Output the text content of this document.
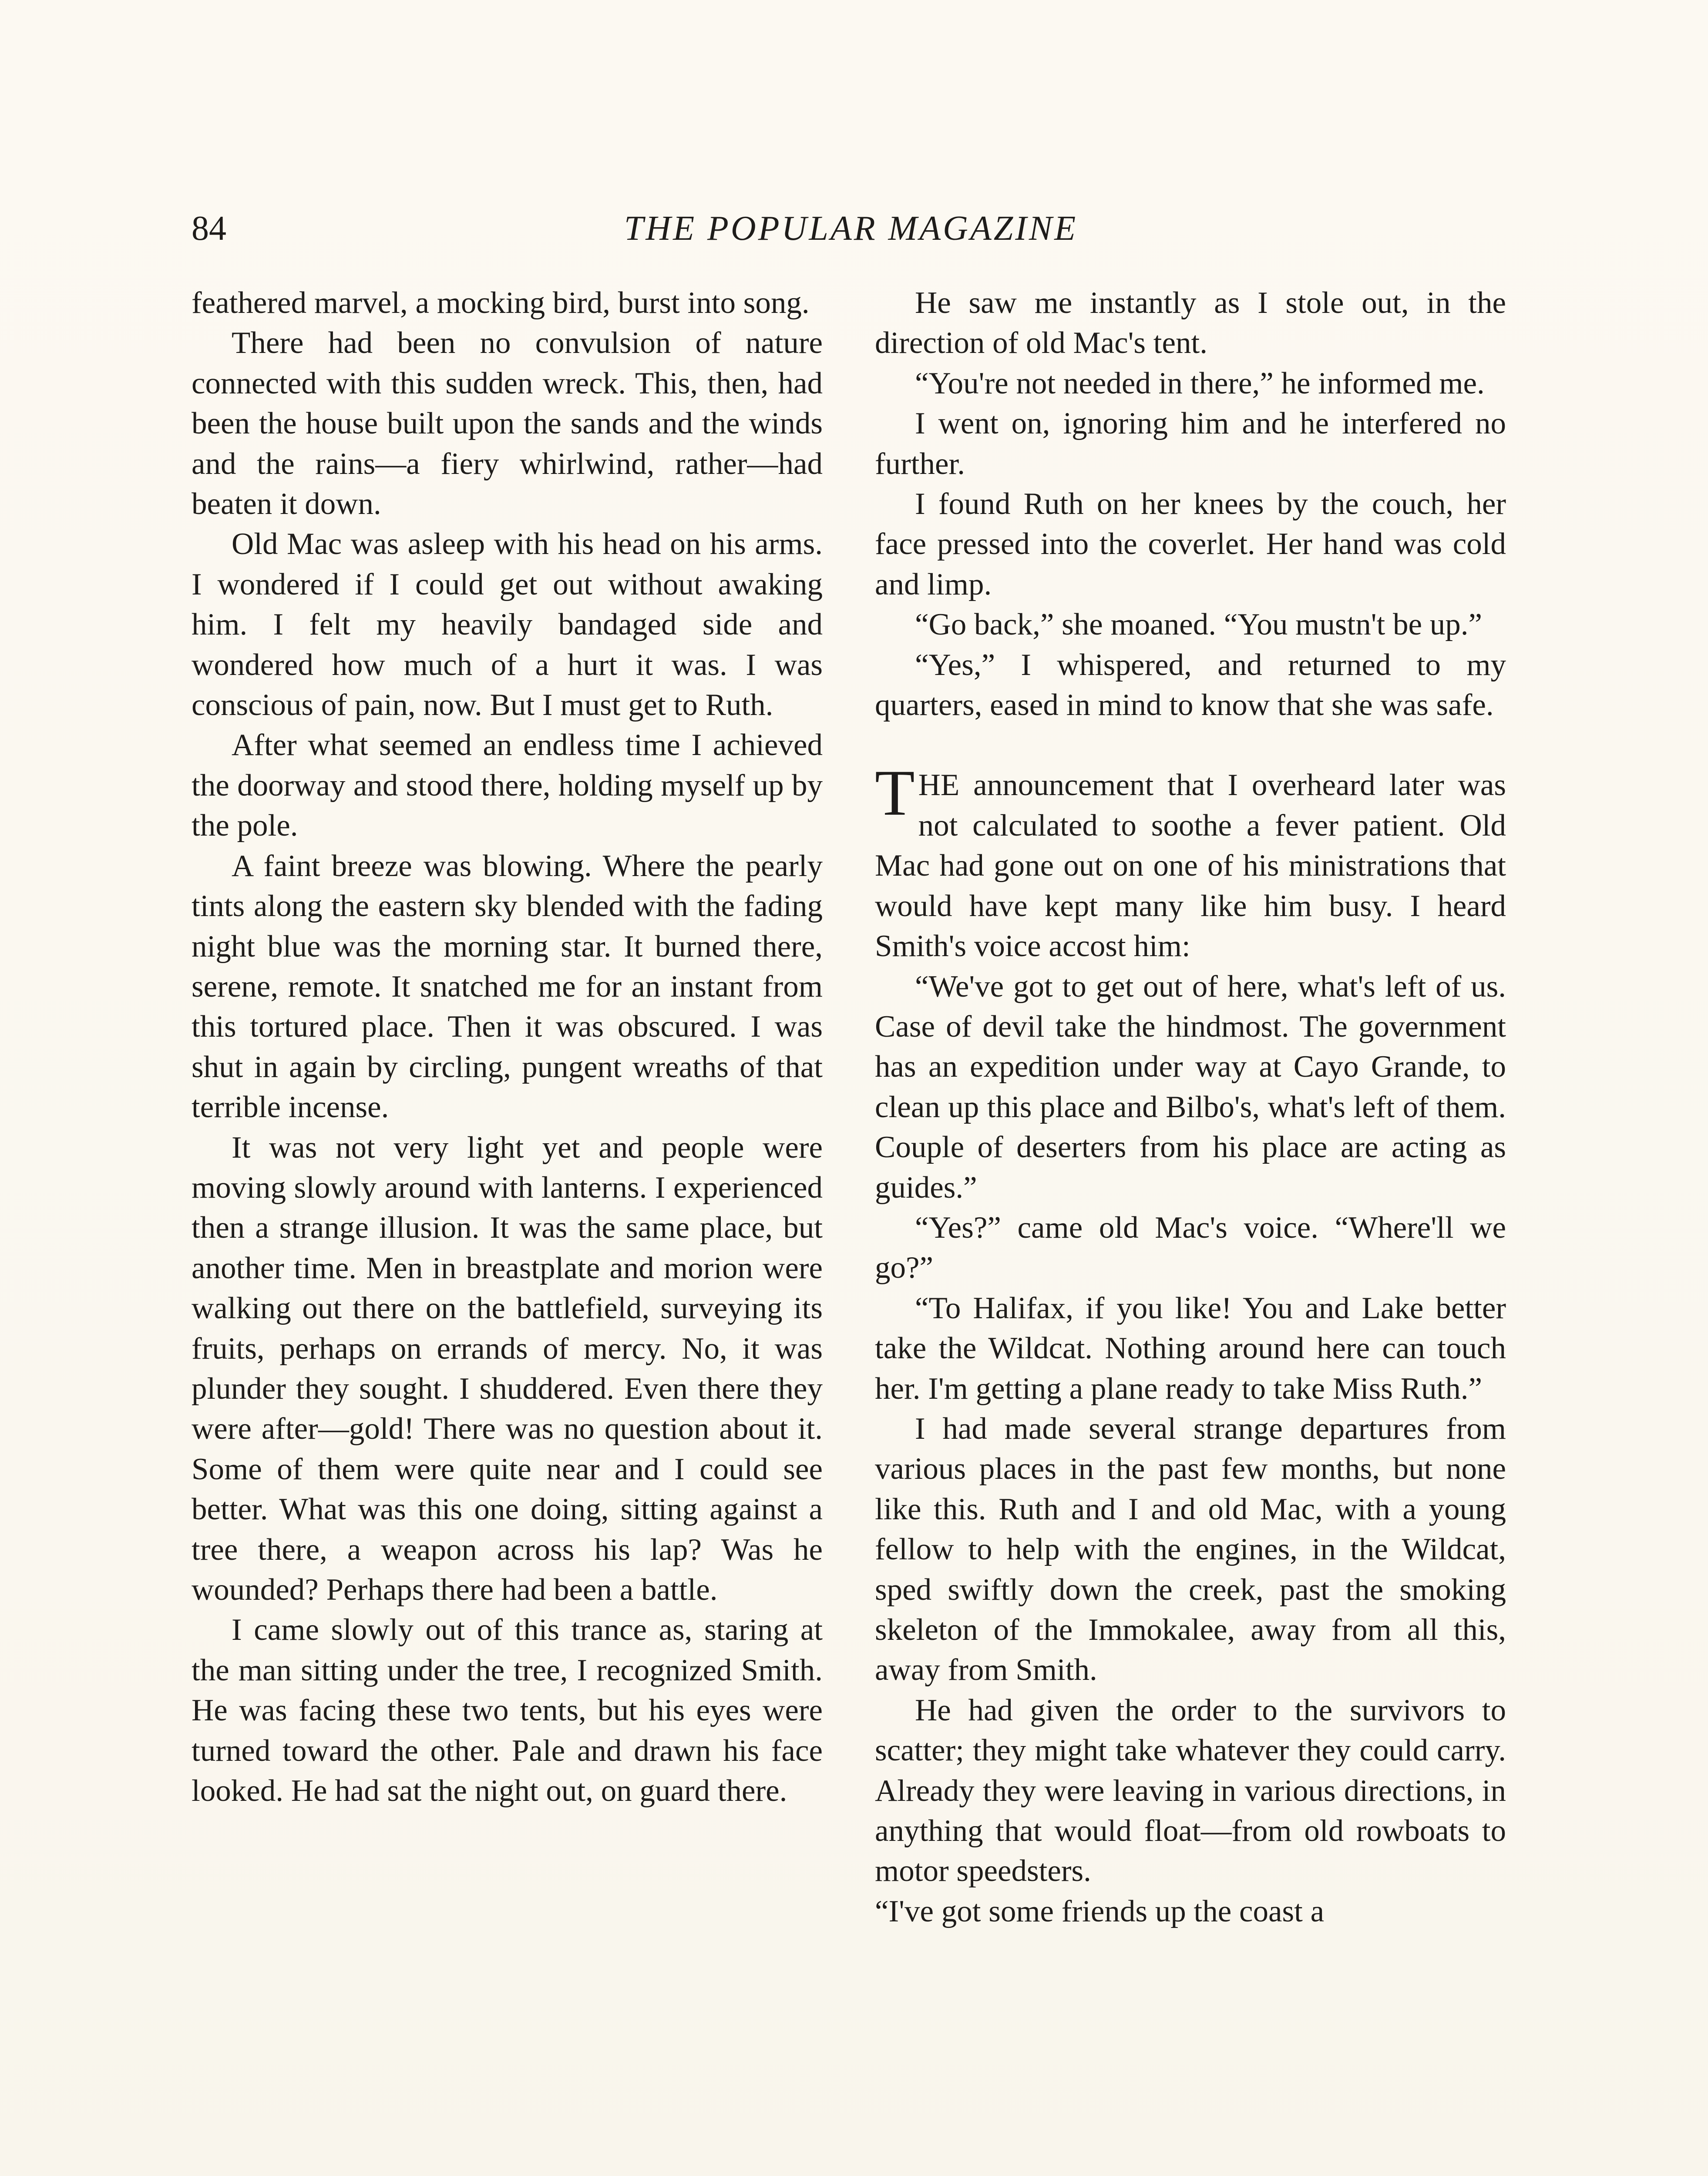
84	THE POPULAR MAGAZINE

feathered marvel, a mocking bird, burst into song.

There had been no convulsion of nature connected with this sudden wreck. This, then, had been the house built upon the sands and the winds and the rains—a fiery whirlwind, rather—had beaten it down.

Old Mac was asleep with his head on his arms. I wondered if I could get out without awaking him. I felt my heavily bandaged side and wondered how much of a hurt it was. I was conscious of pain, now. But I must get to Ruth.

After what seemed an endless time I achieved the doorway and stood there, holding myself up by the pole.

A faint breeze was blowing. Where the pearly tints along the eastern sky blended with the fading night blue was the morning star. It burned there, serene, remote. It snatched me for an instant from this tortured place. Then it was obscured. I was shut in again by circling, pungent wreaths of that terrible incense.

It was not very light yet and people were moving slowly around with lanterns. I experienced then a strange illusion. It was the same place, but another time. Men in breastplate and morion were walking out there on the battlefield, surveying its fruits, perhaps on errands of mercy. No, it was plunder they sought. I shuddered. Even there they were after—gold! There was no question about it. Some of them were quite near and I could see better. What was this one doing, sitting against a tree there, a weapon across his lap? Was he wounded? Perhaps there had been a battle.

I came slowly out of this trance as, staring at the man sitting under the tree, I recognized Smith. He was facing these two tents, but his eyes were turned toward the other. Pale and drawn his face looked. He had sat the night out, on guard there.

He saw me instantly as I stole out, in the direction of old Mac's tent.

“You're not needed in there,” he informed me.

I went on, ignoring him and he interfered no further.

I found Ruth on her knees by the couch, her face pressed into the coverlet. Her hand was cold and limp.

“Go back,” she moaned. “You mustn't be up.”

“Yes,” I whispered, and returned to my quarters, eased in mind to know that she was safe.

THE announcement that I overheard later was not calculated to soothe a fever patient. Old Mac had gone out on one of his ministrations that would have kept many like him busy. I heard Smith's voice accost him:

“We've got to get out of here, what's left of us. Case of devil take the hindmost. The government has an expedition under way at Cayo Grande, to clean up this place and Bilbo's, what's left of them. Couple of deserters from his place are acting as guides.”

“Yes?” came old Mac's voice. “Where'll we go?”

“To Halifax, if you like! You and Lake better take the Wildcat. Nothing around here can touch her. I'm getting a plane ready to take Miss Ruth.”

I had made several strange departures from various places in the past few months, but none like this. Ruth and I and old Mac, with a young fellow to help with the engines, in the Wildcat, sped swiftly down the creek, past the smoking skeleton of the Immokalee, away from all this, away from Smith.

He had given the order to the survivors to scatter; they might take whatever they could carry. Already they were leaving in various directions, in anything that would float—from old rowboats to motor speedsters.

“I've got some friends up the coast a
